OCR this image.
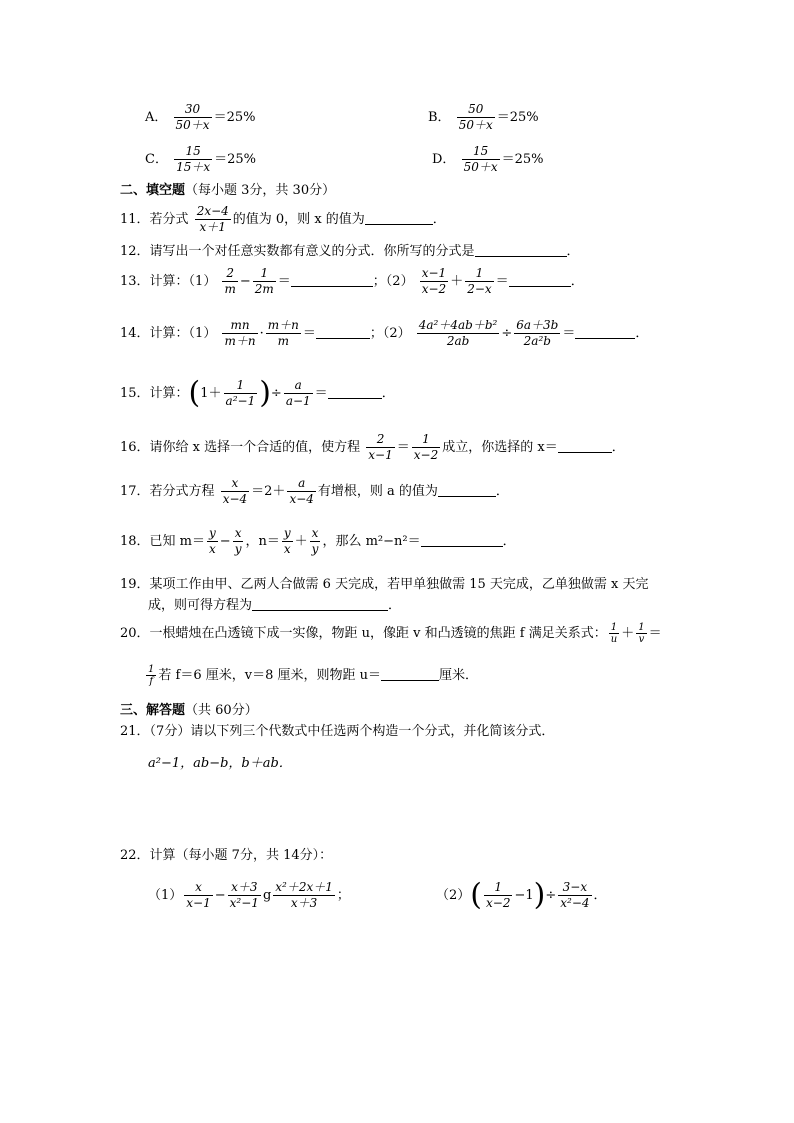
A． $\frac{30}{50+x} =25\%$	B． $\frac{50}{50+x} =25\%$
C． $\frac{15}{15+x} =25\%$	D． $\frac{15}{50+x} =25\%$
二、填空题（每小题 3分，共 30分）
11．若分式 $\frac{2x-4}{x+1}$ 的值为 0，则 x 的值为	．
12．请写出一个对任意实数都有意义的分式．你所写的分式是	．
13．计算：$(1) \frac{2}{m} - \frac{1}{2m}$ ＝	；$(2) \frac{x-1}{x-2} + \frac{1}{2-x}$ ＝	．
14．计算：$(1) \frac{mn}{m+n} \cdot \frac{m+n}{m}$ ＝	；$(2) \frac{\text{4a²＋4ab＋b²}}{2ab} \div \frac{6a+3b}{\text{2a²b}}$ ＝	．
15．计算：($1+ \frac{1}{\text{a²−1}}$ )÷ $\frac{a}{a-1}$ ＝	．
16．请你给 x 选择一个合适的值，使方程 $\frac{2}{x-1} = \frac{1}{x-2}$ 成立，你选择的 x＝	．
17．若分式方程 $\frac{x}{x-4} =2+ \frac{a}{x-4}$ 有增根，则 a 的值为	．
18．已知 $m= \frac{y}{x} - \frac{x}{y}$ ，$n= \frac{y}{x} + \frac{x}{y}$ ，那么 m²−n²＝	．
19．某项工作由甲、乙两人合做需 6 天完成，若甲单独做需 15 天完成，乙单独做需 x 天完
成，则可得方程为	．
20．一根蜡烛在凸透镜下成一实像，物距 u，像距 v 和凸透镜的焦距 f 满足关系式： $\frac{1}{u} + \frac{1}{v}$ ＝
$\frac{1}{f}$ 若 f＝6 厘米，v＝8 厘米，则物距 u＝	厘米．
三、解答题（共 60分）
21．（7分）请以下列三个代数式中任选两个构造一个分式，并化简该分式．
a²−1，ab−b，b＋ab．
22．计算（每小题 7分，共 14分）：
$(1) \frac{x}{x-1} - \frac{x+3}{\text{x²−1}}$ g $\frac{\text{x²＋2x＋1}}{x+3}$ ；	$(2)( \frac{1}{x-2} -1)\div \frac{3-x}{\text{x²−4}}$ ．
